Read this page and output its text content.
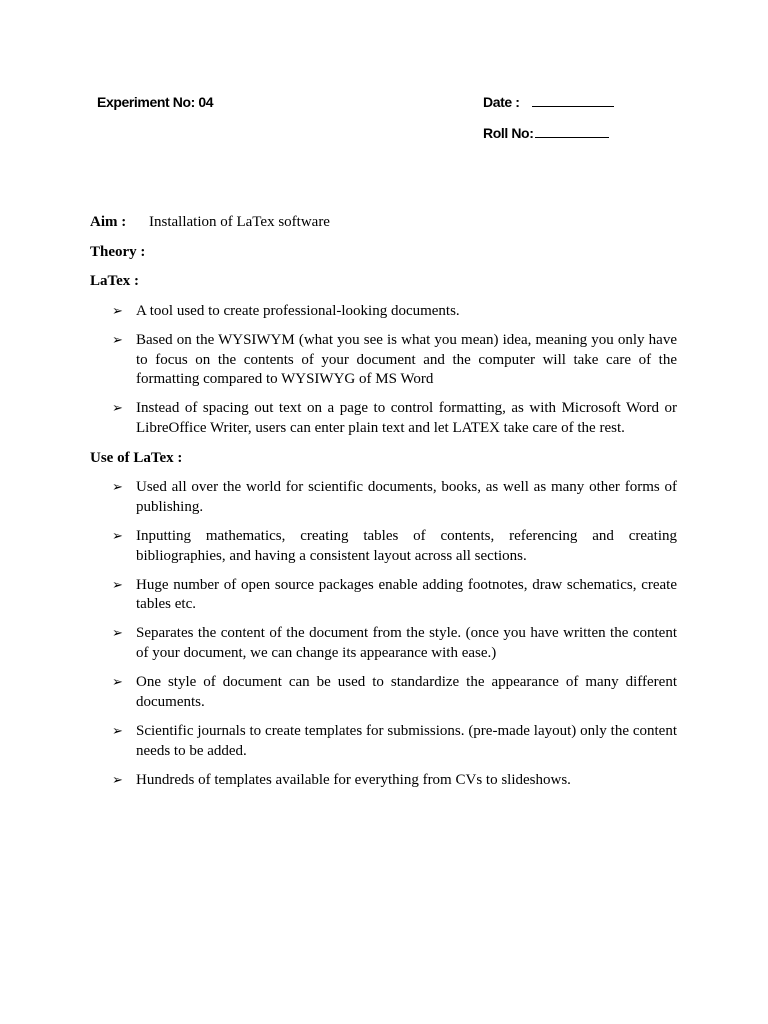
Experiment No: 04	Date :
Roll No:
Aim : Installation of LaTex software
Theory :
LaTex :
➢ A tool used to create professional-looking documents.
➢ Based on the WYSIWYM (what you see is what you mean) idea, meaning you only have to focus on the contents of your document and the computer will take care of the formatting compared to WYSIWYG of MS Word
➢ Instead of spacing out text on a page to control formatting, as with Microsoft Word or LibreOffice Writer, users can enter plain text and let LATEX take care of the rest.
Use of LaTex :
➢ Used all over the world for scientific documents, books, as well as many other forms of publishing.
➢ Inputting mathematics, creating tables of contents, referencing and creating bibliographies, and having a consistent layout across all sections.
➢ Huge number of open source packages enable adding footnotes, draw schematics, create tables etc.
➢ Separates the content of the document from the style. (once you have written the content of your document, we can change its appearance with ease.)
➢ One style of document can be used to standardize the appearance of many different documents.
➢ Scientific journals to create templates for submissions. (pre-made layout) only the content needs to be added.
➢ Hundreds of templates available for everything from CVs to slideshows.
